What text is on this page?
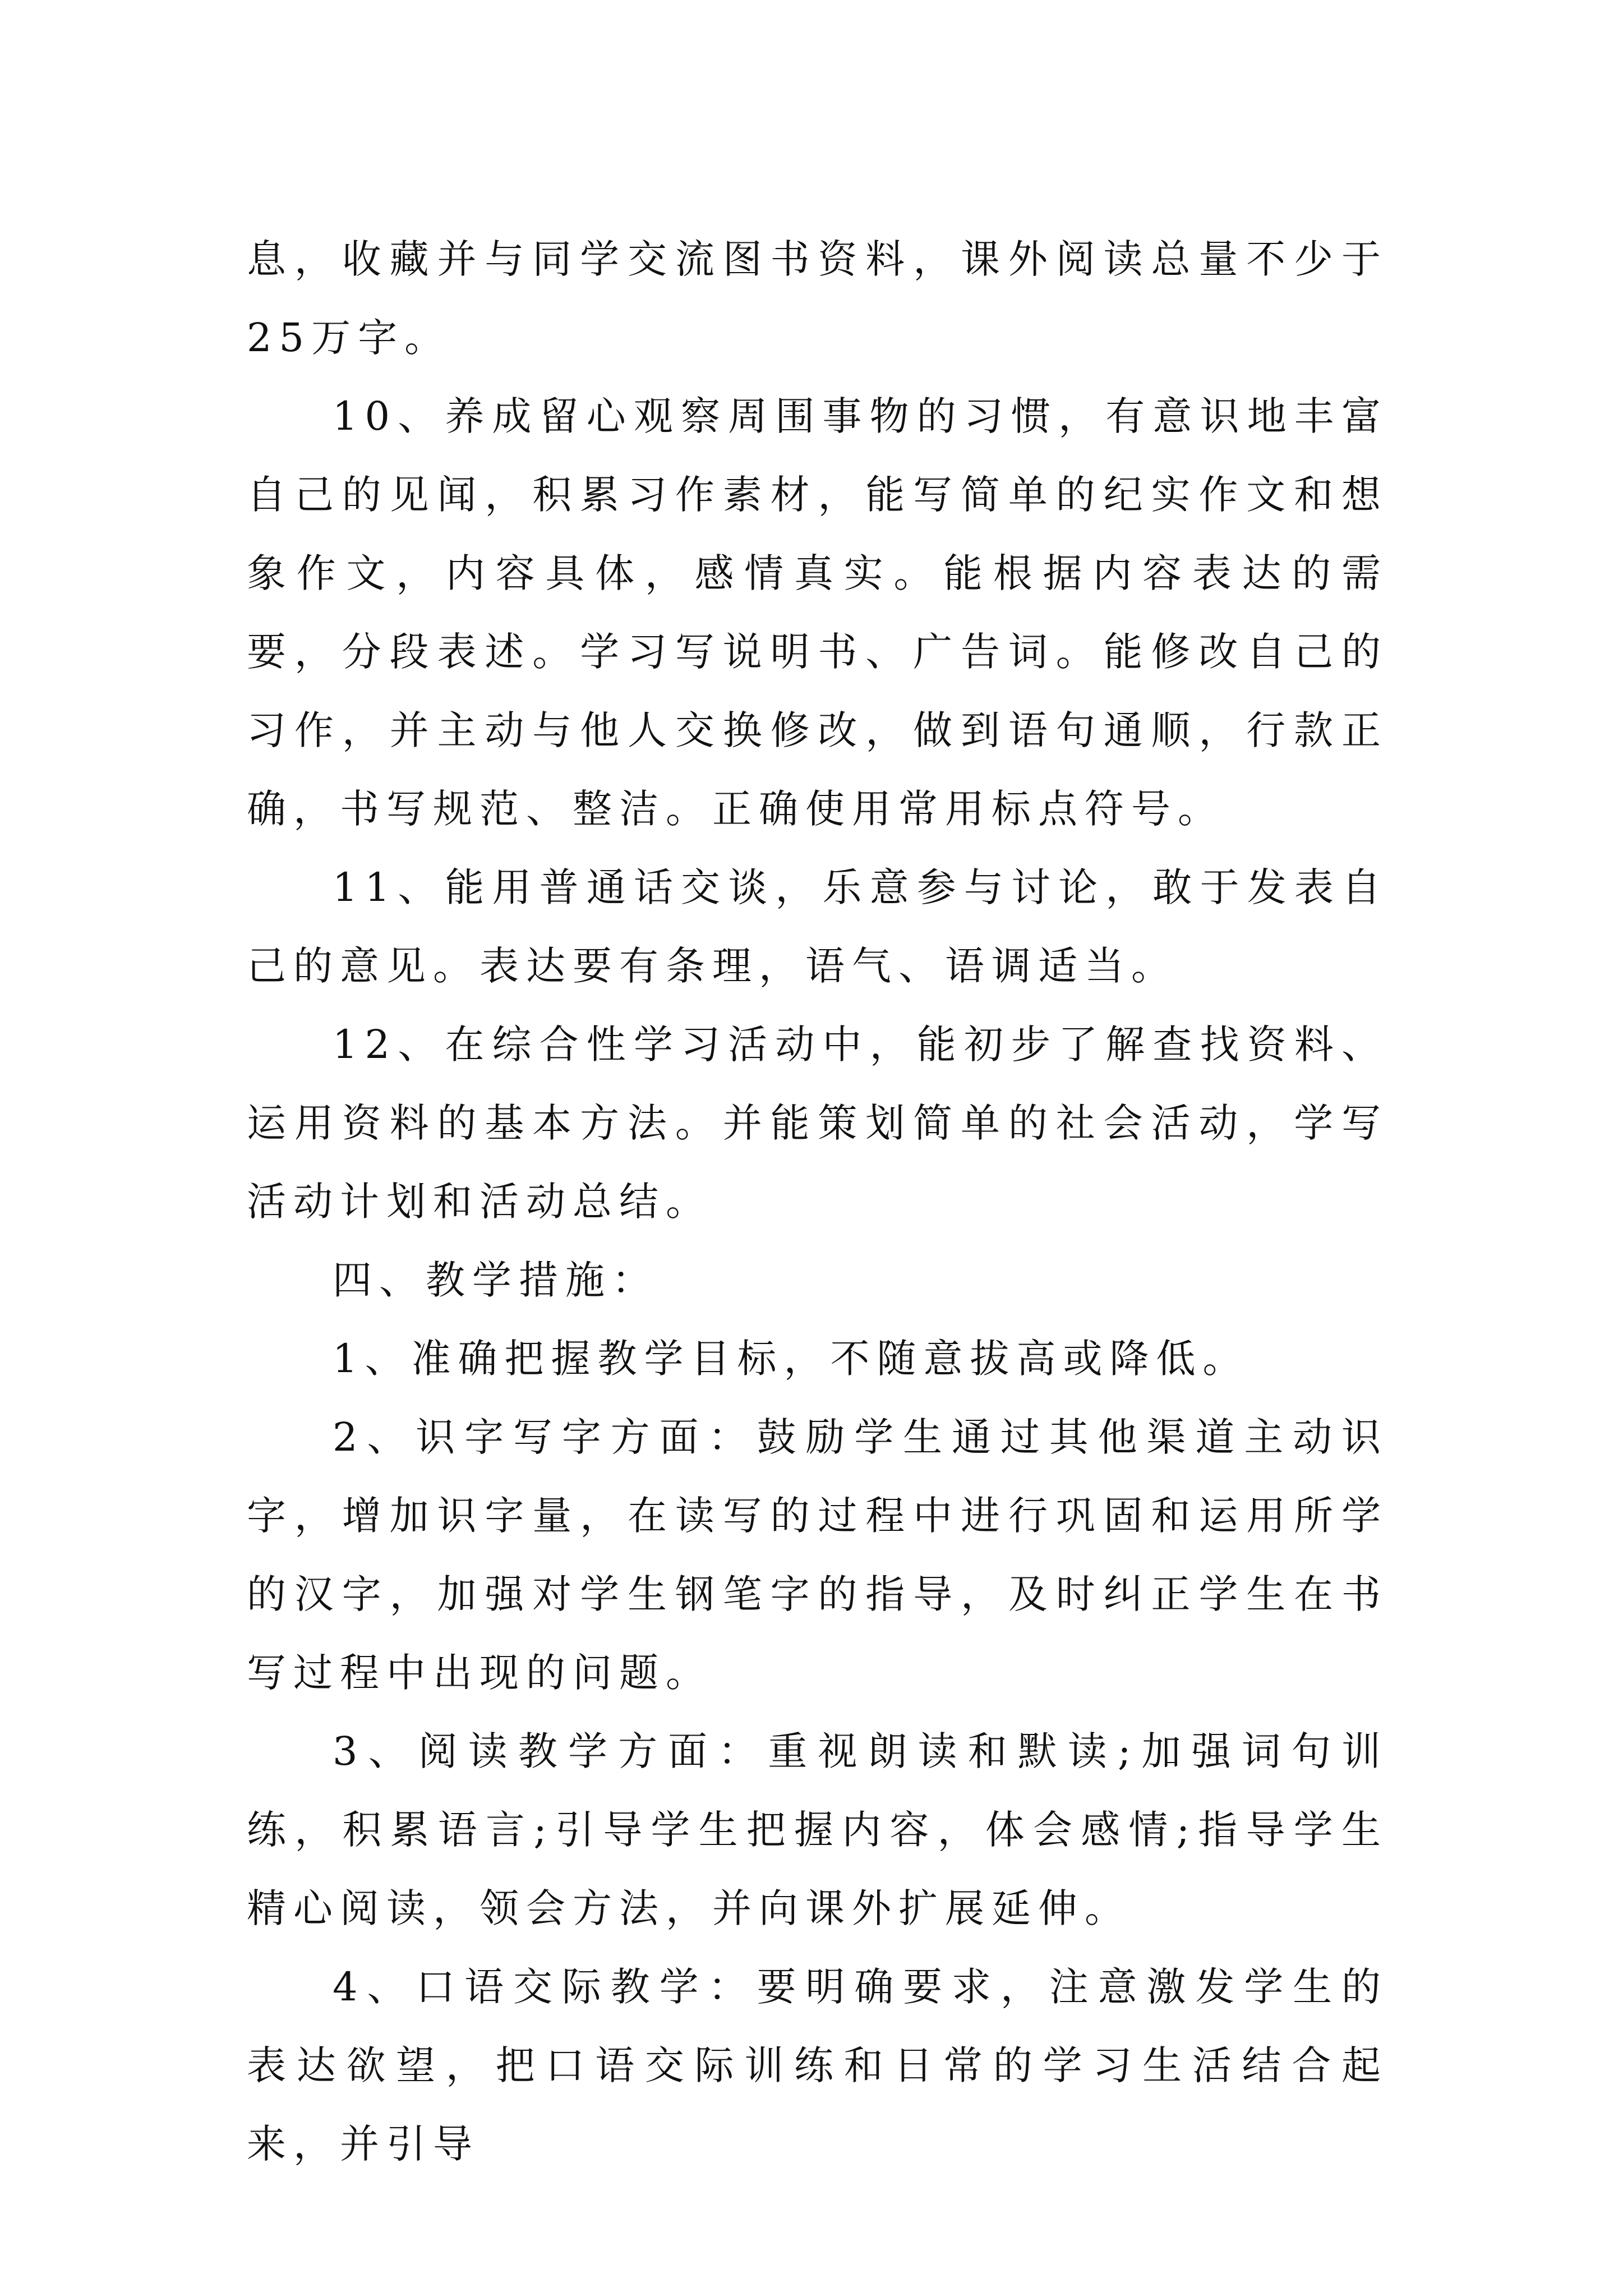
息，收藏并与同学交流图书资料，课外阅读总量不少于25万字。

10、养成留心观察周围事物的习惯，有意识地丰富自己的见闻，积累习作素材，能写简单的纪实作文和想象作文，内容具体，感情真实。能根据内容表达的需要，分段表述。学习写说明书、广告词。能修改自己的习作，并主动与他人交换修改，做到语句通顺，行款正确，书写规范、整洁。正确使用常用标点符号。

11、能用普通话交谈，乐意参与讨论，敢于发表自己的意见。表达要有条理，语气、语调适当。

12、在综合性学习活动中，能初步了解查找资料、运用资料的基本方法。并能策划简单的社会活动，学写活动计划和活动总结。

四、教学措施：

1、准确把握教学目标，不随意拔高或降低。

2、识字写字方面：鼓励学生通过其他渠道主动识字，增加识字量，在读写的过程中进行巩固和运用所学的汉字，加强对学生钢笔字的指导，及时纠正学生在书写过程中出现的问题。

3、阅读教学方面：重视朗读和默读;加强词句训练，积累语言;引导学生把握内容，体会感情;指导学生精心阅读，领会方法，并向课外扩展延伸。

4、口语交际教学：要明确要求，注意激发学生的表达欲望，把口语交际训练和日常的学习生活结合起来，并引导
